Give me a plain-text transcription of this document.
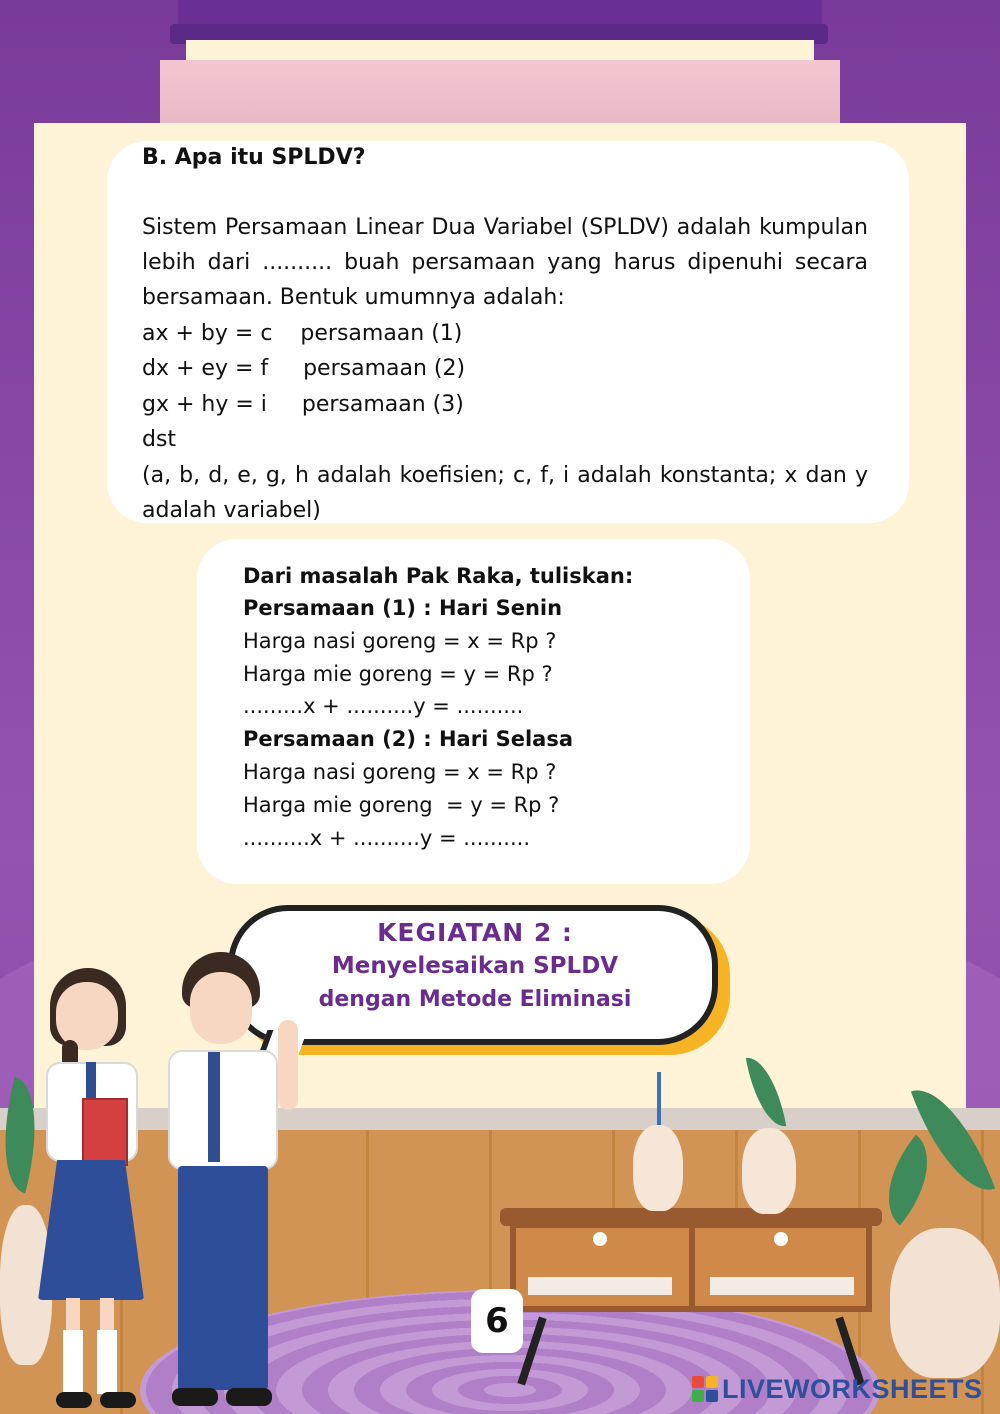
B. Apa itu SPLDV?
Sistem Persamaan Linear Dua Variabel (SPLDV) adalah kumpulan lebih dari .......... buah persamaan yang harus dipenuhi secara bersamaan. Bentuk umumnya adalah:
ax + by = c    persamaan (1)
dx + ey = f     persamaan (2)
gx + hy = i     persamaan (3)
dst
(a, b, d, e, g, h adalah koefisien; c, f, i adalah konstanta; x dan y adalah variabel)
Dari masalah Pak Raka, tuliskan:
Persamaan (1) : Hari Senin
Harga nasi goreng = x = Rp ?
Harga mie goreng = y = Rp ?
.........x + ..........y = ..........
Persamaan (2) : Hari Selasa
Harga nasi goreng = x = Rp ?
Harga mie goreng  = y = Rp ?
..........x + ..........y = ..........
KEGIATAN 2 :
Menyelesaikan SPLDV
dengan Metode Eliminasi
6
LIVEWORKSHEETS
